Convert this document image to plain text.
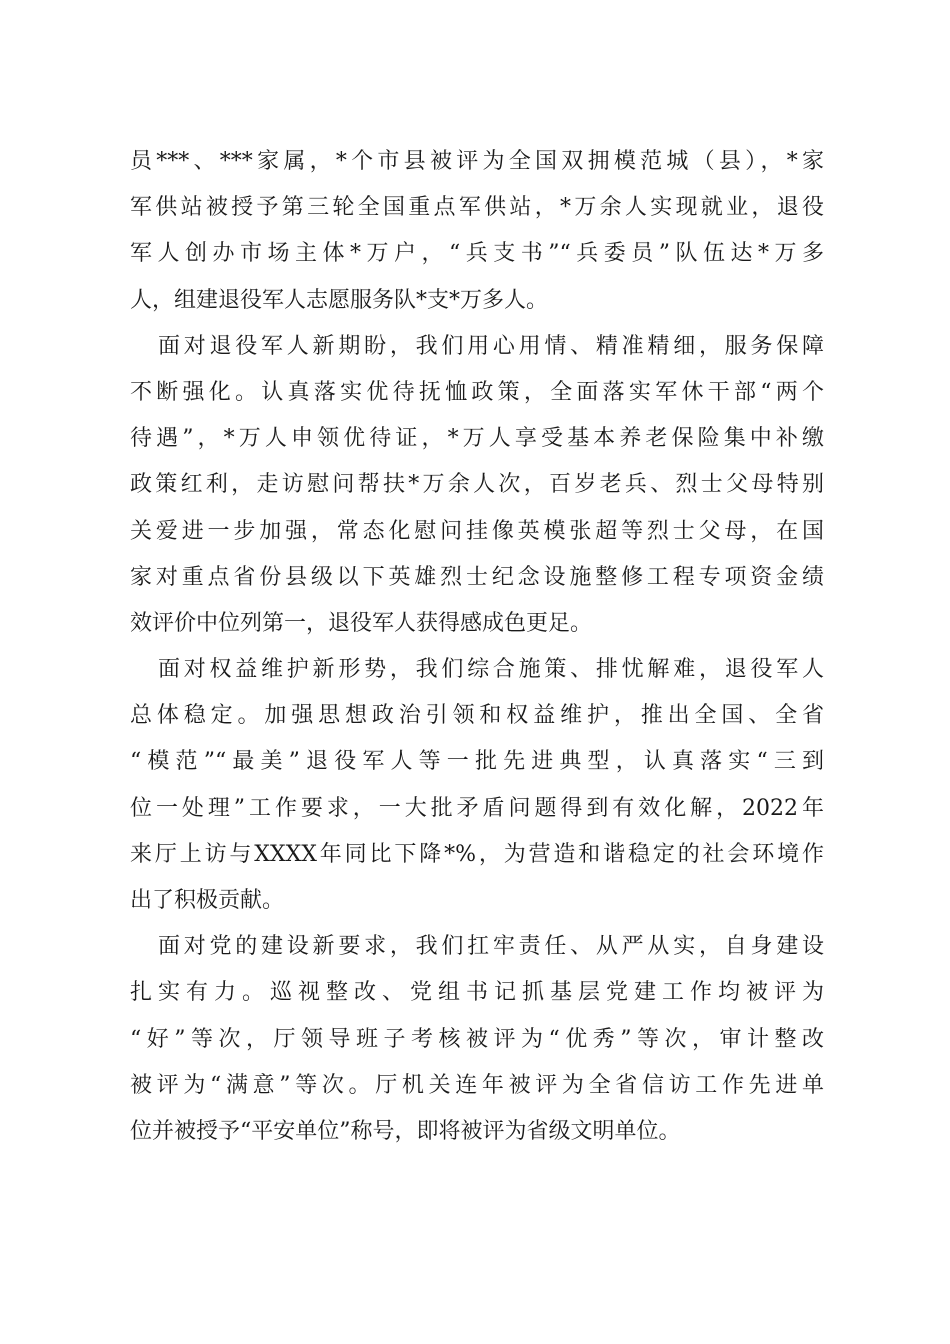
员***、***家属，*个市县被评为全国双拥模范城（县），*家
军供站被授予第三轮全国重点军供站，*万余人实现就业，退役
军人创办市场主体*万户，“兵支书”“兵委员”队伍达*万多
人，组建退役军人志愿服务队*支*万多人。
面对退役军人新期盼，我们用心用情、精准精细，服务保障
不断强化。认真落实优待抚恤政策，全面落实军休干部“两个
待遇”，*万人申领优待证，*万人享受基本养老保险集中补缴
政策红利，走访慰问帮扶*万余人次，百岁老兵、烈士父母特别
关爱进一步加强，常态化慰问挂像英模张超等烈士父母，在国
家对重点省份县级以下英雄烈士纪念设施整修工程专项资金绩
效评价中位列第一，退役军人获得感成色更足。
面对权益维护新形势，我们综合施策、排忧解难，退役军人
总体稳定。加强思想政治引领和权益维护，推出全国、全省
“模范”“最美”退役军人等一批先进典型，认真落实“三到
位一处理”工作要求，一大批矛盾问题得到有效化解，2022年
来厅上访与XXXX年同比下降*%，为营造和谐稳定的社会环境作
出了积极贡献。
面对党的建设新要求，我们扛牢责任、从严从实，自身建设
扎实有力。巡视整改、党组书记抓基层党建工作均被评为
“好”等次，厅领导班子考核被评为“优秀”等次，审计整改
被评为“满意”等次。厅机关连年被评为全省信访工作先进单
位并被授予“平安单位”称号，即将被评为省级文明单位。
